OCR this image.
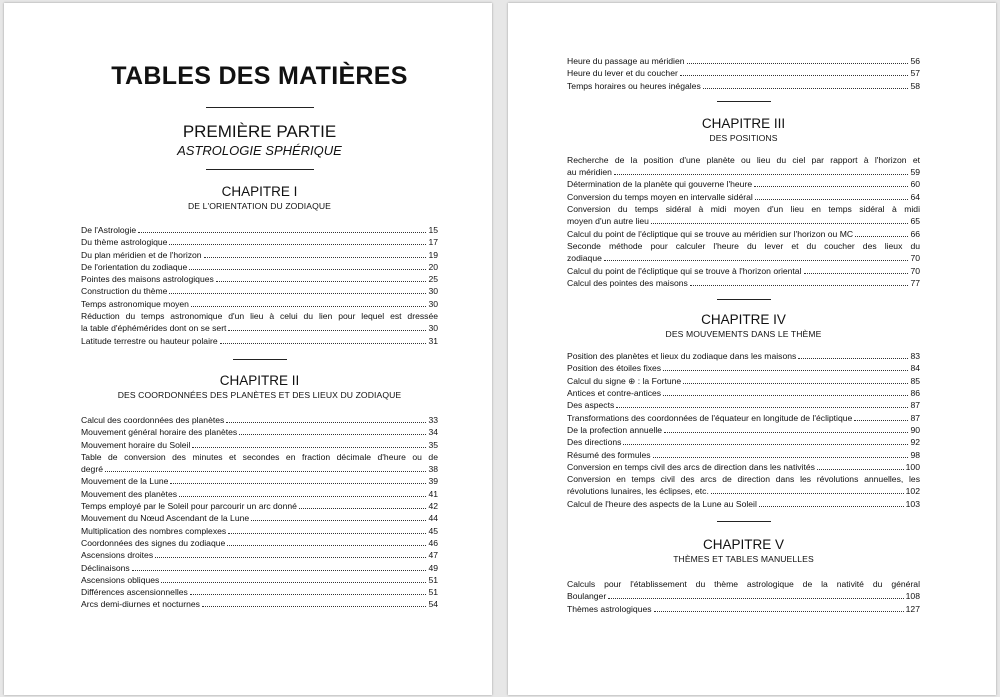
TABLES DES MATIÈRES
PREMIÈRE PARTIE
ASTROLOGIE SPHÉRIQUE
CHAPITRE I
DE L'ORIENTATION DU ZODIAQUE
De l'Astrologie	15
Du thème astrologique	17
Du plan méridien et de l'horizon	19
De l'orientation du zodiaque	20
Pointes des maisons astrologiques	25
Construction du thème	30
Temps astronomique moyen	30
Réduction du temps astronomique d'un lieu à celui du lien pour lequel est dressée
la table d'éphémérides dont on se sert	30
Latitude terrestre ou hauteur polaire	31
CHAPITRE II
DES COORDONNÉES DES PLANÈTES ET DES LIEUX DU ZODIAQUE
Calcul des coordonnées des planètes	33
Mouvement général horaire des planètes	34
Mouvement horaire du Soleil	35
Table de conversion des minutes et secondes en fraction décimale d'heure ou de
degré	38
Mouvement de la Lune	39
Mouvement des planètes	41
Temps employé par le Soleil pour parcourir un arc donné	42
Mouvement du Nœud Ascendant de la Lune	44
Multiplication des nombres complexes	45
Coordonnées des signes du zodiaque	46
Ascensions droites	47
Déclinaisons	49
Ascensions obliques	51
Différences ascensionnelles	51
Arcs demi-diurnes et nocturnes	54
Heure du passage au méridien	56
Heure du lever et du coucher	57
Temps horaires ou heures inégales	58
CHAPITRE III
DES POSITIONS
Recherche de la position d'une planète ou lieu du ciel par rapport à l'horizon et
au méridien	59
Détermination de la planète qui gouverne l'heure	60
Conversion du temps moyen en intervalle sidéral	64
Conversion du temps sidéral à midi moyen d'un lieu en temps sidéral à midi
moyen d'un autre lieu	65
Calcul du point de l'écliptique qui se trouve au méridien sur l'horizon ou MC	66
Seconde méthode pour calculer l'heure du lever et du coucher des lieux du
zodiaque	70
Calcul du point de l'écliptique qui se trouve à l'horizon oriental	70
Calcul des pointes des maisons	77
CHAPITRE IV
DES MOUVEMENTS DANS LE THÈME
Position des planètes et lieux du zodiaque dans les maisons	83
Position des étoiles fixes	84
Calcul du signe ⊕ : la Fortune	85
Antices et contre-antices	86
Des aspects	87
Transformations des coordonnées de l'équateur en longitude de l'écliptique	87
De la profection annuelle	90
Des directions	92
Résumé des formules	98
Conversion en temps civil des arcs de direction dans les nativités	100
Conversion en temps civil des arcs de direction dans les révolutions annuelles, les
révolutions lunaires, les éclipses, etc.	102
Calcul de l'heure des aspects de la Lune au Soleil	103
CHAPITRE V
THÈMES ET TABLES MANUELLES
Calculs pour l'établissement du thème astrologique de la nativité du général
Boulanger	108
Thèmes astrologiques	127
